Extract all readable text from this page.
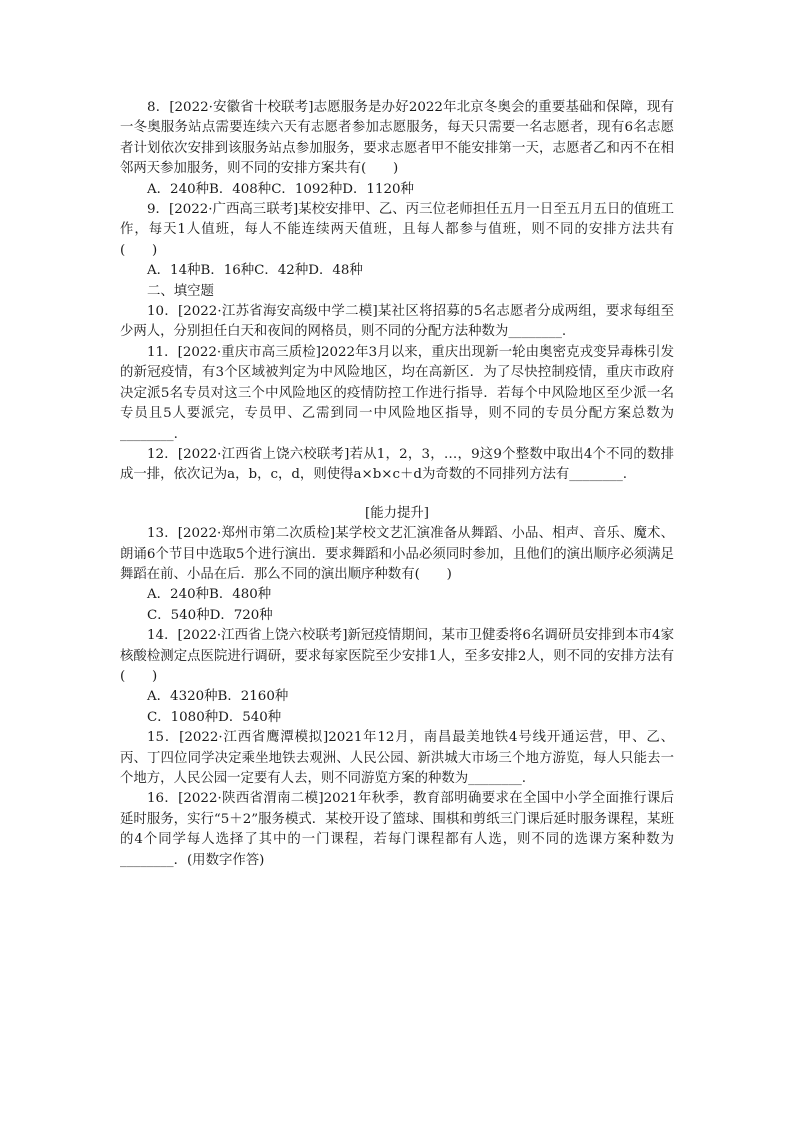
8．[2022·安徽省十校联考]志愿服务是办好2022年北京冬奥会的重要基础和保障，现有一冬奥服务站点需要连续六天有志愿者参加志愿服务，每天只需要一名志愿者，现有6名志愿者计划依次安排到该服务站点参加服务，要求志愿者甲不能安排第一天，志愿者乙和丙不在相邻两天参加服务，则不同的安排方案共有(　　)

A．240种B．408种C．1092种D．1120种

9．[2022·广西高三联考]某校安排甲、乙、丙三位老师担任五月一日至五月五日的值班工作，每天1人值班，每人不能连续两天值班，且每人都参与值班，则不同的安排方法共有(　　)

A．14种B．16种C．42种D．48种

二、填空题

10．[2022·江苏省海安高级中学二模]某社区将招募的5名志愿者分成两组，要求每组至少两人，分别担任白天和夜间的网格员，则不同的分配方法种数为________.

11．[2022·重庆市高三质检]2022年3月以来，重庆出现新一轮由奥密克戎变异毒株引发的新冠疫情，有3个区域被判定为中风险地区，均在高新区．为了尽快控制疫情，重庆市政府决定派5名专员对这三个中风险地区的疫情防控工作进行指导．若每个中风险地区至少派一名专员且5人要派完，专员甲、乙需到同一中风险地区指导，则不同的专员分配方案总数为________.

12．[2022·江西省上饶六校联考]若从1，2，3，…，9这9个整数中取出4个不同的数排成一排，依次记为a，b，c，d，则使得a×b×c＋d为奇数的不同排列方法有________.

[能力提升]

13．[2022·郑州市第二次质检]某学校文艺汇演准备从舞蹈、小品、相声、音乐、魔术、朗诵6个节目中选取5个进行演出．要求舞蹈和小品必须同时参加，且他们的演出顺序必须满足舞蹈在前、小品在后．那么不同的演出顺序种数有(　　)

A．240种B．480种

C．540种D．720种

14．[2022·江西省上饶六校联考]新冠疫情期间，某市卫健委将6名调研员安排到本市4家核酸检测定点医院进行调研，要求每家医院至少安排1人，至多安排2人，则不同的安排方法有(　　)

A．4320种B．2160种

C．1080种D．540种

15．[2022·江西省鹰潭模拟]2021年12月，南昌最美地铁4号线开通运营，甲、乙、丙、丁四位同学决定乘坐地铁去观洲、人民公园、新洪城大市场三个地方游览，每人只能去一个地方，人民公园一定要有人去，则不同游览方案的种数为________.

16．[2022·陕西省渭南二模]2021年秋季，教育部明确要求在全国中小学全面推行课后延时服务，实行“5＋2”服务模式．某校开设了篮球、围棋和剪纸三门课后延时服务课程，某班的4个同学每人选择了其中的一门课程，若每门课程都有人选，则不同的选课方案种数为________．(用数字作答)
